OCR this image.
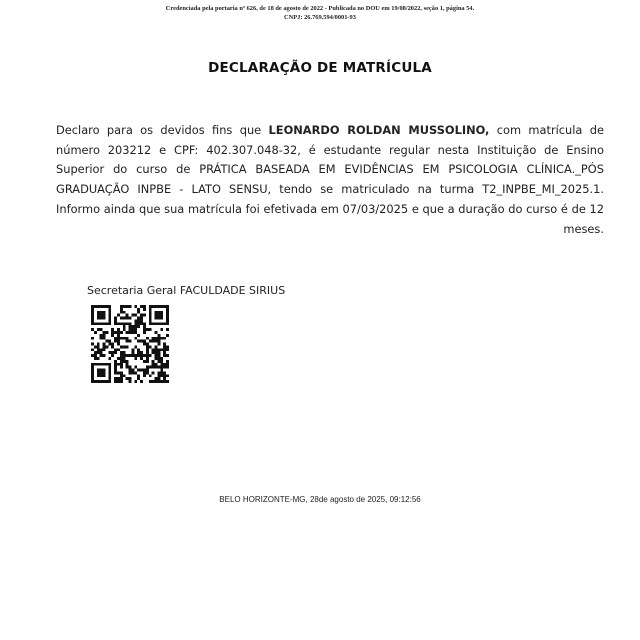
Credenciada pela portaria nº 626, de 18 de agosto de 2022 - Publicada no DOU em 19/08/2022, seção 1, página 54.
CNPJ: 26.769.594/0001-93
DECLARAÇÃO DE MATRÍCULA
Declaro para os devidos fins que LEONARDO ROLDAN MUSSOLINO, com matrícula de número 203212 e CPF: 402.307.048-32, é estudante regular nesta Instituição de Ensino Superior do curso de PRÁTICA BASEADA EM EVIDÊNCIAS EM PSICOLOGIA CLÍNICA._PÓS GRADUAÇÃO INPBE - LATO SENSU, tendo se matriculado na turma T2_INPBE_MI_2025.1. Informo ainda que sua matrícula foi efetivada em 07/03/2025 e que a duração do curso é de 12 meses.
Secretaria Geral FACULDADE SIRIUS
BELO HORIZONTE-MG, 28de agosto de 2025, 09:12:56
